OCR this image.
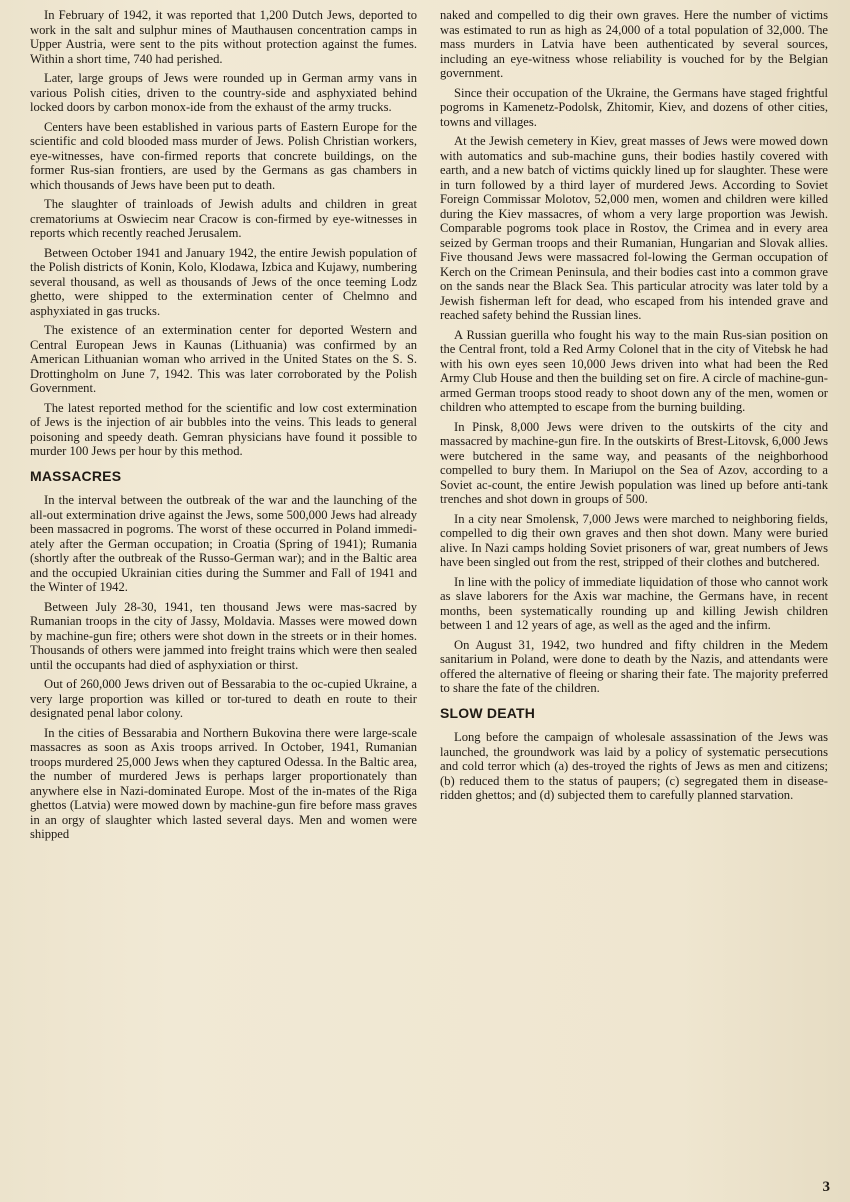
In February of 1942, it was reported that 1,200 Dutch Jews, deported to work in the salt and sulphur mines of Mauthausen concentration camps in Upper Austria, were sent to the pits without protection against the fumes. Within a short time, 740 had perished.

Later, large groups of Jews were rounded up in German army vans in various Polish cities, driven to the country-side and asphyxiated behind locked doors by carbon monox-ide from the exhaust of the army trucks.

Centers have been established in various parts of Eastern Europe for the scientific and cold blooded mass murder of Jews. Polish Christian workers, eye-witnesses, have con-firmed reports that concrete buildings, on the former Rus-sian frontiers, are used by the Germans as gas chambers in which thousands of Jews have been put to death.

The slaughter of trainloads of Jewish adults and children in great crematoriums at Oswiecim near Cracow is con-firmed by eye-witnesses in reports which recently reached Jerusalem.

Between October 1941 and January 1942, the entire Jewish population of the Polish districts of Konin, Kolo, Klodawa, Izbica and Kujawy, numbering several thousand, as well as thousands of Jews of the once teeming Lodz ghetto, were shipped to the extermination center of Chelmno and asphyxiated in gas trucks.

The existence of an extermination center for deported Western and Central European Jews in Kaunas (Lithuania) was confirmed by an American Lithuanian woman who arrived in the United States on the S. S. Drottingholm on June 7, 1942. This was later corroborated by the Polish Government.

The latest reported method for the scientific and low cost extermination of Jews is the injection of air bubbles into the veins. This leads to general poisoning and speedy death. Gemran physicians have found it possible to murder 100 Jews per hour by this method.

MASSACRES

In the interval between the outbreak of the war and the launching of the all-out extermination drive against the Jews, some 500,000 Jews had already been massacred in pogroms. The worst of these occurred in Poland immedi-ately after the German occupation; in Croatia (Spring of 1941); Rumania (shortly after the outbreak of the Russo-German war); and in the Baltic area and the occupied Ukrainian cities during the Summer and Fall of 1941 and the Winter of 1942.

Between July 28-30, 1941, ten thousand Jews were mas-sacred by Rumanian troops in the city of Jassy, Moldavia. Masses were mowed down by machine-gun fire; others were shot down in the streets or in their homes. Thousands of others were jammed into freight trains which were then sealed until the occupants had died of asphyxiation or thirst.

Out of 260,000 Jews driven out of Bessarabia to the oc-cupied Ukraine, a very large proportion was killed or tor-tured to death en route to their designated penal labor colony.

In the cities of Bessarabia and Northern Bukovina there were large-scale massacres as soon as Axis troops arrived. In October, 1941, Rumanian troops murdered 25,000 Jews when they captured Odessa. In the Baltic area, the number of murdered Jews is perhaps larger proportionately than anywhere else in Nazi-dominated Europe. Most of the in-mates of the Riga ghettos (Latvia) were mowed down by machine-gun fire before mass graves in an orgy of slaughter which lasted several days. Men and women were shipped

naked and compelled to dig their own graves. Here the number of victims was estimated to run as high as 24,000 of a total population of 32,000. The mass murders in Latvia have been authenticated by several sources, including an eye-witness whose reliability is vouched for by the Belgian government.

Since their occupation of the Ukraine, the Germans have staged frightful pogroms in Kamenetz-Podolsk, Zhitomir, Kiev, and dozens of other cities, towns and villages.

At the Jewish cemetery in Kiev, great masses of Jews were mowed down with automatics and sub-machine guns, their bodies hastily covered with earth, and a new batch of victims quickly lined up for slaughter. These were in turn followed by a third layer of murdered Jews. According to Soviet Foreign Commissar Molotov, 52,000 men, women and children were killed during the Kiev massacres, of whom a very large proportion was Jewish. Comparable pogroms took place in Rostov, the Crimea and in every area seized by German troops and their Rumanian, Hungarian and Slovak allies. Five thousand Jews were massacred fol-lowing the German occupation of Kerch on the Crimean Peninsula, and their bodies cast into a common grave on the sands near the Black Sea. This particular atrocity was later told by a Jewish fisherman left for dead, who escaped from his intended grave and reached safety behind the Russian lines.

A Russian guerilla who fought his way to the main Rus-sian position on the Central front, told a Red Army Colonel that in the city of Vitebsk he had with his own eyes seen 10,000 Jews driven into what had been the Red Army Club House and then the building set on fire. A circle of machine-gun-armed German troops stood ready to shoot down any of the men, women or children who attempted to escape from the burning building.

In Pinsk, 8,000 Jews were driven to the outskirts of the city and massacred by machine-gun fire. In the outskirts of Brest-Litovsk, 6,000 Jews were butchered in the same way, and peasants of the neighborhood compelled to bury them. In Mariupol on the Sea of Azov, according to a Soviet ac-count, the entire Jewish population was lined up before anti-tank trenches and shot down in groups of 500.

In a city near Smolensk, 7,000 Jews were marched to neighboring fields, compelled to dig their own graves and then shot down. Many were buried alive. In Nazi camps holding Soviet prisoners of war, great numbers of Jews have been singled out from the rest, stripped of their clothes and butchered.

In line with the policy of immediate liquidation of those who cannot work as slave laborers for the Axis war machine, the Germans have, in recent months, been systematically rounding up and killing Jewish children between 1 and 12 years of age, as well as the aged and the infirm.

On August 31, 1942, two hundred and fifty children in the Medem sanitarium in Poland, were done to death by the Nazis, and attendants were offered the alternative of fleeing or sharing their fate. The majority preferred to share the fate of the children.

SLOW DEATH

Long before the campaign of wholesale assassination of the Jews was launched, the groundwork was laid by a policy of systematic persecutions and cold terror which (a) des-troyed the rights of Jews as men and citizens; (b) reduced them to the status of paupers; (c) segregated them in disease-ridden ghettos; and (d) subjected them to carefully planned starvation.

3
